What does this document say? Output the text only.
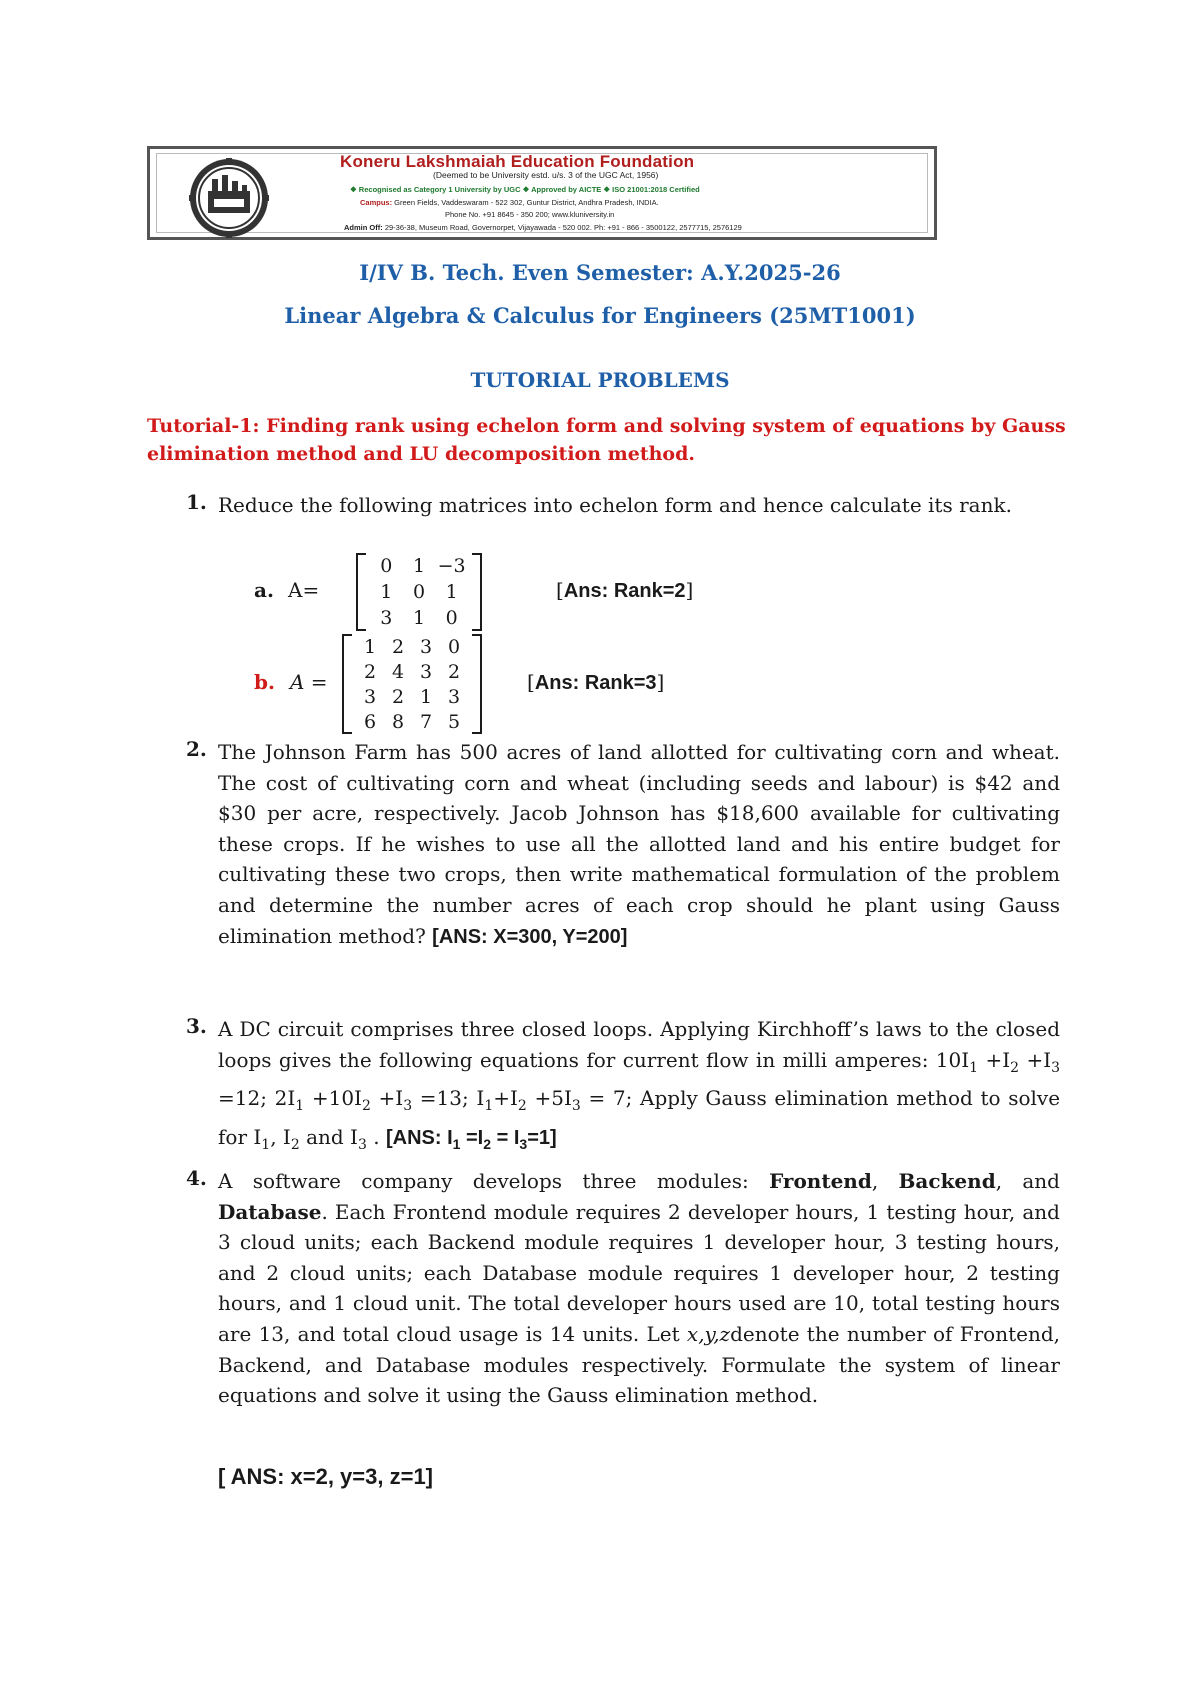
Koneru Lakshmaiah Education Foundation
(Deemed to be University estd. u/s. 3 of the UGC Act, 1956)
❖ Recognised as Category 1 University by UGC ❖ Approved by AICTE ❖ ISO 21001:2018 Certified
Campus: Green Fields, Vaddeswaram - 522 302, Guntur District, Andhra Pradesh, INDIA.
Phone No. +91 8645 - 350 200; www.kluniversity.in
Admin Off: 29-36-38, Museum Road, Governorpet, Vijayawada - 520 002. Ph: +91 - 866 - 3500122, 2577715, 2576129
I/IV B. Tech. Even Semester: A.Y.2025-26
Linear Algebra & Calculus for Engineers (25MT1001)
TUTORIAL PROBLEMS
Tutorial-1: Finding rank using echelon form and solving system of equations by Gauss elimination method and LU decomposition method.
1. Reduce the following matrices into echelon form and hence calculate its rank.
a. A=
0	1 −3
1	0	1
3	1	0
[Ans: Rank=2]
b. A =
1 2 3 0
2 4 3 2
3 2 1 3
6 8 7 5
[Ans: Rank=3]
2. The Johnson Farm has 500 acres of land allotted for cultivating corn and wheat. The cost of cultivating corn and wheat (including seeds and labour) is $42 and $30 per acre, respectively. Jacob Johnson has $18,600 available for cultivating these crops. If he wishes to use all the allotted land and his entire budget for cultivating these two crops, then write mathematical formulation of the problem and determine the number acres of each crop should he plant using Gauss elimination method? [ANS: X=300, Y=200]
3. A DC circuit comprises three closed loops. Applying Kirchhoff’s laws to the closed loops gives the following equations for current flow in milli amperes: $10I_1 +I_2 +I_3 =12$; $2I_1 +10I_2 +I_3 =13$; $I_1+I_2 +5I_3 = 7$; Apply Gauss elimination method to solve for $I_1$, $I_2$ and $I_3$ . [ANS: $I_1 =I_2 = I_3=1$]
4. A software company develops three modules: Frontend, Backend, and Database. Each Frontend module requires 2 developer hours, 1 testing hour, and 3 cloud units; each Backend module requires 1 developer hour, 3 testing hours, and 2 cloud units; each Database module requires 1 developer hour, 2 testing hours, and 1 cloud unit. The total developer hours used are 10, total testing hours are 13, and total cloud usage is 14 units. Let x,y,zdenote the number of Frontend, Backend, and Database modules respectively. Formulate the system of linear equations and solve it using the Gauss elimination method.
[ ANS: x=2, y=3, z=1]
